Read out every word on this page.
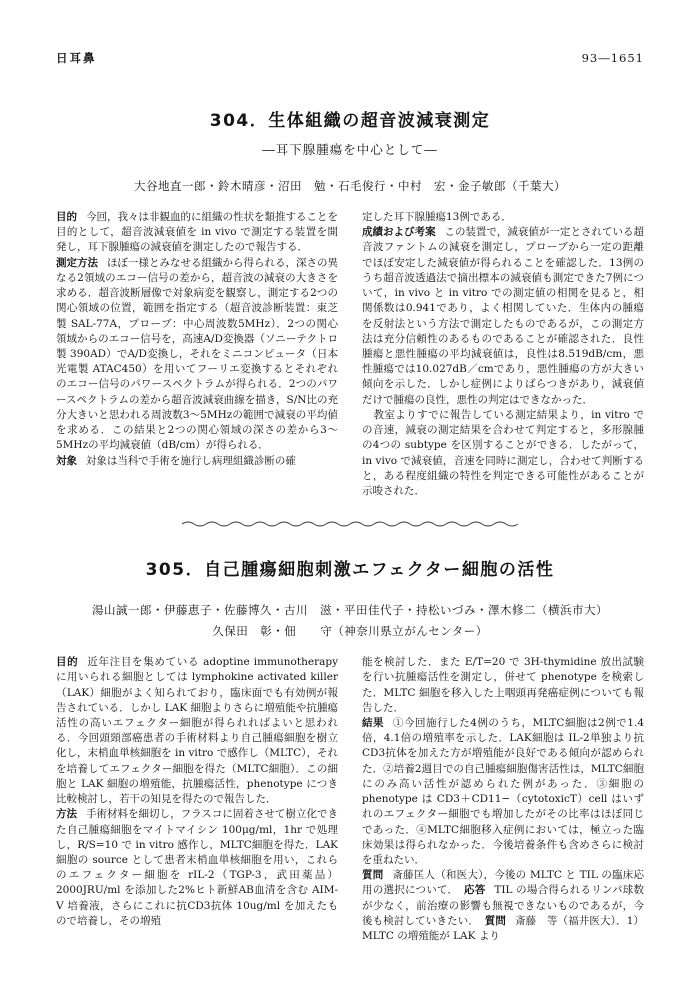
日耳鼻	93―1651
304．生体組織の超音波減衰測定
―耳下腺腫瘍を中心として―
大谷地直一郎・鈴木晴彦・沼田　勉・石毛俊行・中村　宏・金子敏郎（千葉大）

目的 今回，我々は非観血的に組織の性状を類推することを目的として，超音波減衰値を in vivo で測定する装置を開発し，耳下腺腫瘍の減衰値を測定したので報告する．

測定方法 ほぼ一様とみなせる組織から得られる，深さの異なる2領域のエコー信号の差から，超音波の減衰の大きさを求める．超音波断層像で対象病変を観察し，測定する2つの関心領域の位置，範囲を指定する（超音波診断装置：東芝製 SAL-77A，プローブ：中心周波数5MHz）．2つの関心領域からのエコー信号を，高速A/D変換器（ソニーテクトロ製 390AD）でA/D変換し，それをミニコンピュータ（日本光電製 ATAC450）を用いてフーリエ変換するとそれぞれのエコー信号のパワースペクトラムが得られる．2つのパワースペクトラムの差から超音波減衰曲線を描き，S/N比の充分大きいと思われる周波数3〜5MHzの範囲で減衰の平均値を求める．この結果と2つの関心領域の深さの差から3〜5MHzの平均減衰値（dB/cm）が得られる．

対象 対象は当科で手術を施行し病理組織診断の確

定した耳下腺腫瘍13例である．

成績および考案 この装置で，減衰値が一定とされている超音波ファントムの減衰を測定し，プローブから一定の距離でほぼ安定した減衰値が得られることを確認した．13例のうち超音波透過法で摘出標本の減衰値も測定できた7例について，in vivo と in vitro での測定値の相関を見ると，相関係数は0.941であり，よく相関していた．生体内の腫瘍を反射法という方法で測定したものであるが，この測定方法は充分信頼性のあるものであることが確認された．良性腫瘍と悪性腫瘍の平均減衰値は，良性は8.519dB/cm，悪性腫瘍では10.027dB／cmであり，悪性腫瘍の方が大きい傾向を示した．しかし症例によりばらつきがあり，減衰値だけで腫瘍の良性，悪性の判定はできなかった．

教室よりすでに報告している測定結果より，in vitro での音速，減衰の測定結果を合わせて判定すると，多形腺腫の4つの subtype を区別することができる．したがって，in vivo で減衰値，音速を同時に測定し，合わせて判断すると，ある程度組織の特性を判定できる可能性があることが示唆された．

305．自己腫瘍細胞刺激エフェクター細胞の活性
湯山誠一郎・伊藤恵子・佐藤博久・古川　滋・平田佳代子・持松いづみ・澤木修二（横浜市大）
久保田　彰・佃　　守（神奈川県立がんセンター）

目的 近年注目を集めている adoptine immunotherapy に用いられる細胞としては lymphokine activated killer（LAK）細胞がよく知られており，臨床面でも有効例が報告されている．しかし LAK 細胞よりさらに増殖能や抗腫瘍活性の高いエフェクター細胞が得られればよいと思われる．今回頭頸部癌患者の手術材料より自己腫瘍細胞を樹立化し，末梢血単核細胞を in vitro で感作し（MLTC），それを培養してエフェクター細胞を得た（MLTC細胞）．この細胞と LAK 細胞の増殖能，抗腫瘍活性，phenotype につき比較検討し，若干の知見を得たので報告した．

方法 手術材料を細切し，フラスコに固着させて樹立化できた自己腫瘍細胞をマイトマイシン 100μg/ml，1hr で処理し，R/S=10 で in vitro 感作し，MLTC細胞を得た．LAK細胞の source として患者末梢血単核細胞を用い，これらのエフェクター細胞を rIL-2（TGP-3，武田薬品）2000JRU/ml を添加した2%ヒト新鮮AB血清を含む AIM-V 培養液，さらにこれに抗CD3抗体 10ug/ml を加えたもので培養し，その増殖

能を検討した．また E/T=20 で 3H-thymidine 放出試験を行い抗腫瘍活性を測定し，併せて phenotype を検索した．MLTC 細胞を移入した上咽頭再発癌症例についても報告した．

結果 ①今回施行した4例のうち，MLTC細胞は2例で1.4倍，4.1倍の増殖率を示した．LAK細胞は IL-2単独より抗CD3抗体を加えた方が増殖能が良好である傾向が認められた．②培養2週目での自己腫瘍細胞傷害活性は，MLTC細胞にのみ高い活性が認められた例があった．③細胞の phenotype は CD3＋CD11−（cytotoxicT）cell はいずれのエフェクター細胞でも増加したがその比率はほぼ同じであった．④MLTC細胞移入症例においては，極立った臨床効果は得られなかった．今後培養条件も含めさらに検討を重ねたい．

質問 斎藤匡人（和医大），今後の MLTC と TIL の臨床応用の選択について． 応答 TIL の場合得られるリンパ球数が少なく，前治療の影響も無視できないものであるが，今後も検討していきたい． 質問 斎藤　等（福井医大）．1）MLTC の増殖能が LAK より
